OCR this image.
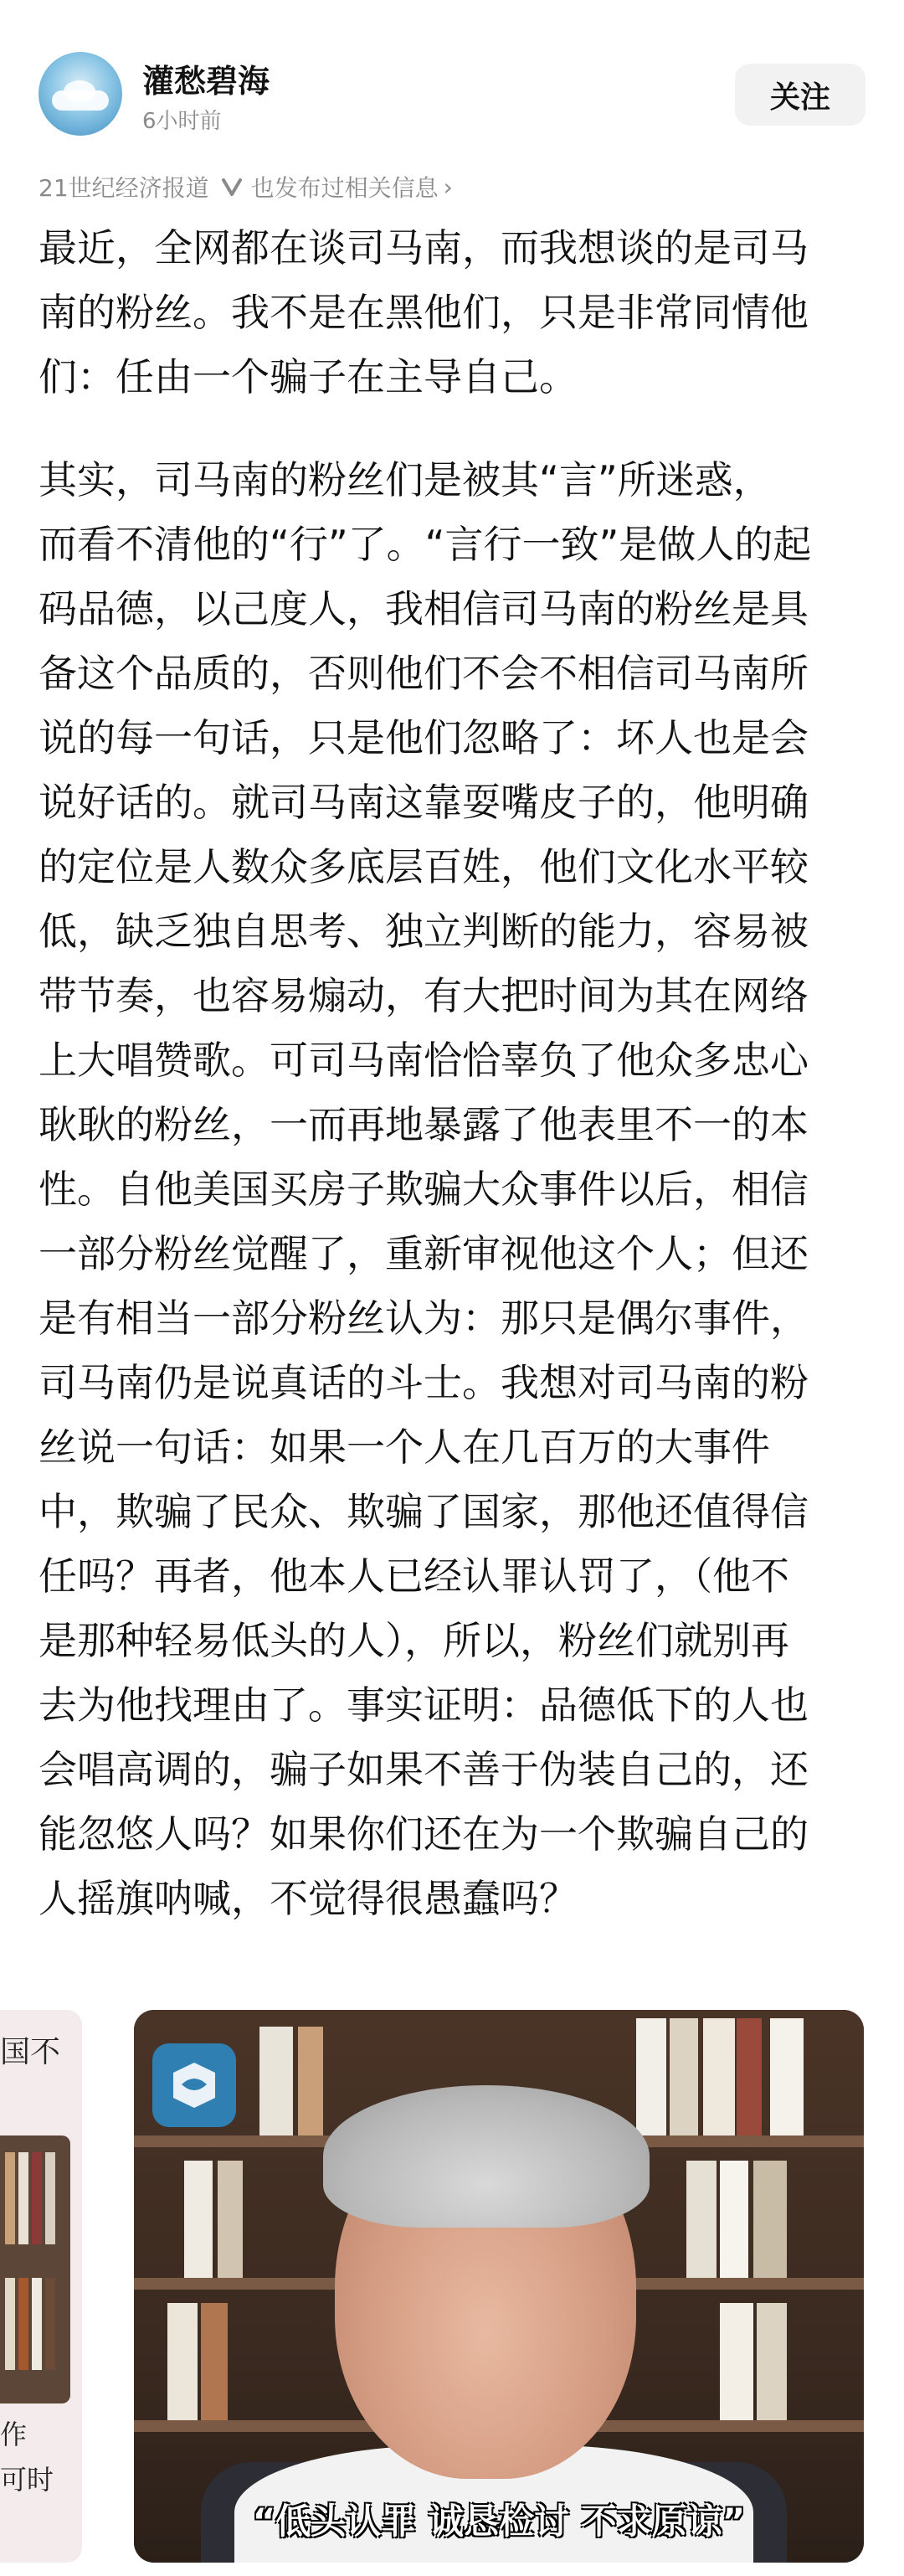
灌愁碧海
6小时前
关注
21世纪经济报道 也发布过相关信息 ›

最近，全网都在谈司马南，而我想谈的是司马

南的粉丝。我不是在黑他们，只是非常同情他

们：任由一个骗子在主导自己。

其实，司马南的粉丝们是被其“言”所迷惑，

而看不清他的“行”了。“言行一致”是做人的起

码品德，以己度人，我相信司马南的粉丝是具

备这个品质的，否则他们不会不相信司马南所

说的每一句话，只是他们忽略了：坏人也是会

说好话的。就司马南这靠耍嘴皮子的，他明确

的定位是人数众多底层百姓，他们文化水平较

低，缺乏独自思考、独立判断的能力，容易被

带节奏，也容易煽动，有大把时间为其在网络

上大唱赞歌。可司马南恰恰辜负了他众多忠心

耿耿的粉丝，一而再地暴露了他表里不一的本

性。自他美国买房子欺骗大众事件以后，相信

一部分粉丝觉醒了，重新审视他这个人；但还

是有相当一部分粉丝认为：那只是偶尔事件，

司马南仍是说真话的斗士。我想对司马南的粉

丝说一句话：如果一个人在几百万的大事件

中，欺骗了民众、欺骗了国家，那他还值得信

任吗？再者，他本人已经认罪认罚了，（他不

是那种轻易低头的人），所以，粉丝们就别再

去为他找理由了。事实证明：品德低下的人也

会唱高调的，骗子如果不善于伪装自己的，还

能忽悠人吗？如果你们还在为一个欺骗自己的

人摇旗呐喊，不觉得很愚蠢吗？

国不
作
可时
“低头认罪 诚恳检讨 不求原谅”
